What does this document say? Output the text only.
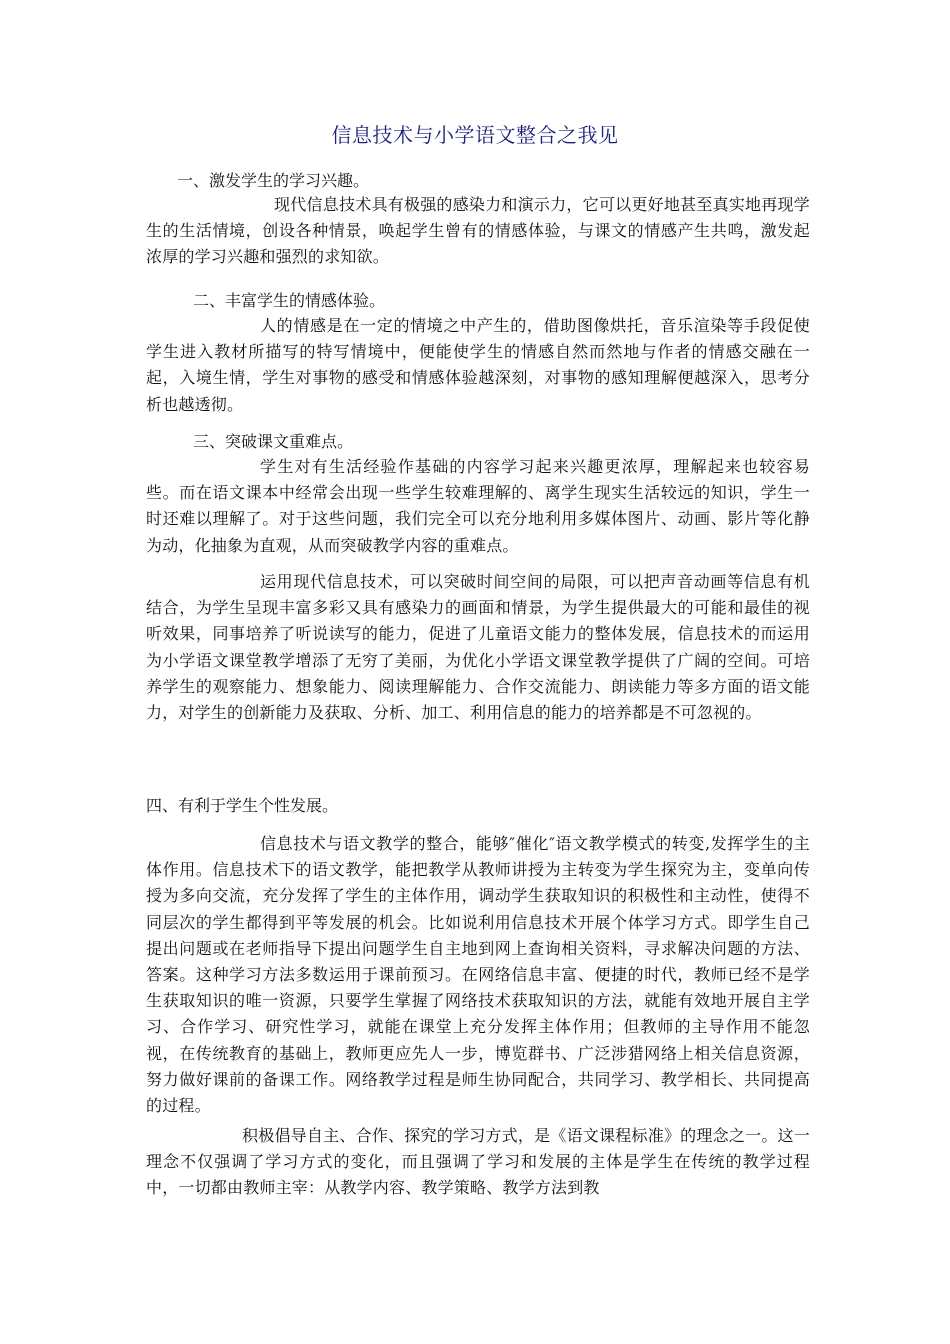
信息技术与小学语文整合之我见
一、激发学生的学习兴趣。
现代信息技术具有极强的感染力和演示力，它可以更好地甚至真实地再现学生的生活情境，创设各种情景，唤起学生曾有的情感体验，与课文的情感产生共鸣，激发起浓厚的学习兴趣和强烈的求知欲。
二、丰富学生的情感体验。
人的情感是在一定的情境之中产生的，借助图像烘托，音乐渲染等手段促使学生进入教材所描写的特写情境中，便能使学生的情感自然而然地与作者的情感交融在一起，入境生情，学生对事物的感受和情感体验越深刻，对事物的感知理解便越深入，思考分析也越透彻。
三、突破课文重难点。
学生对有生活经验作基础的内容学习起来兴趣更浓厚，理解起来也较容易些。而在语文课本中经常会出现一些学生较难理解的、离学生现实生活较远的知识，学生一时还难以理解了。对于这些问题，我们完全可以充分地利用多媒体图片、动画、影片等化静为动，化抽象为直观，从而突破教学内容的重难点。
运用现代信息技术，可以突破时间空间的局限，可以把声音动画等信息有机结合，为学生呈现丰富多彩又具有感染力的画面和情景，为学生提供最大的可能和最佳的视听效果，同事培养了听说读写的能力，促进了儿童语文能力的整体发展，信息技术的而运用为小学语文课堂教学增添了无穷了美丽，为优化小学语文课堂教学提供了广阔的空间。可培养学生的观察能力、想象能力、阅读理解能力、合作交流能力、朗读能力等多方面的语文能力，对学生的创新能力及获取、分析、加工、利用信息的能力的培养都是不可忽视的。
四、有利于学生个性发展。
信息技术与语文教学的整合，能够″催化″语文教学模式的转变,发挥学生的主体作用。信息技术下的语文教学，能把教学从教师讲授为主转变为学生探究为主，变单向传授为多向交流，充分发挥了学生的主体作用，调动学生获取知识的积极性和主动性，使得不同层次的学生都得到平等发展的机会。比如说利用信息技术开展个体学习方式。即学生自己提出问题或在老师指导下提出问题学生自主地到网上查询相关资料，寻求解决问题的方法、答案。这种学习方法多数运用于课前预习。在网络信息丰富、便捷的时代，教师已经不是学生获取知识的唯一资源，只要学生掌握了网络技术获取知识的方法，就能有效地开展自主学习、合作学习、研究性学习，就能在课堂上充分发挥主体作用；但教师的主导作用不能忽视，在传统教育的基础上，教师更应先人一步，博览群书、广泛涉猎网络上相关信息资源，努力做好课前的备课工作。网络教学过程是师生协同配合，共同学习、教学相长、共同提高的过程。
积极倡导自主、合作、探究的学习方式，是《语文课程标准》的理念之一。这一理念不仅强调了学习方式的变化，而且强调了学习和发展的主体是学生在传统的教学过程中，一切都由教师主宰：从教学内容、教学策略、教学方法到教
